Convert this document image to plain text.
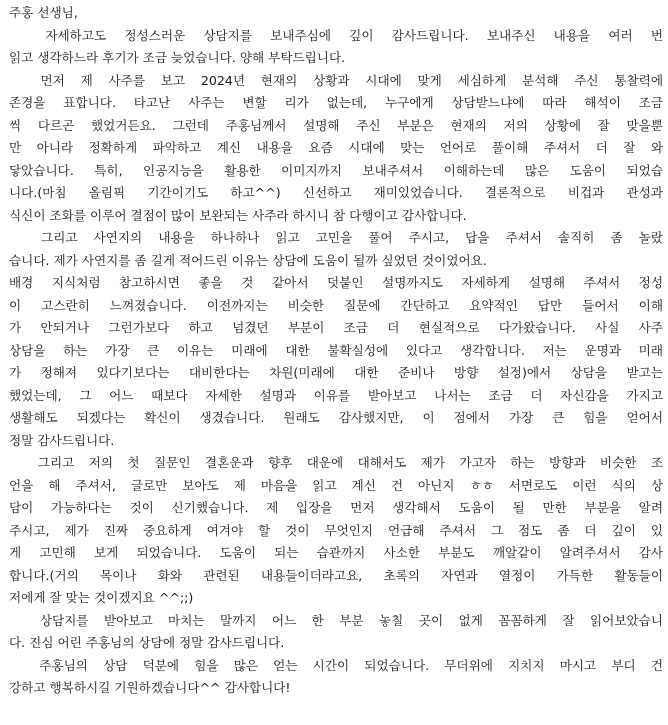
주홍 선생님,
자세하고도 정성스러운 상담지를 보내주심에 깊이 감사드립니다. 보내주신 내용을 여러 번
읽고 생각하느라 후기가 조금 늦었습니다. 양해 부탁드립니다.
먼저 제 사주를 보고 2024년 현재의 상황과 시대에 맞게 세심하게 분석해 주신 통찰력에
존경을 표합니다. 타고난 사주는 변할 리가 없는데, 누구에게 상담받느냐에 따라 해석이 조금
씩 다르곤 했었거든요. 그런데 주홍님께서 설명해 주신 부분은 현재의 저의 상황에 잘 맞을뿐
만 아니라 정확하게 파악하고 계신 내용을 요즘 시대에 맞는 언어로 풀이해 주셔서 더 잘 와
닿았습니다. 특히, 인공지능을 활용한 이미지까지 보내주셔서 이해하는데 많은 도움이 되었습
니다.(마침 올림픽 기간이기도 하고^^) 신선하고 재미있었습니다. 결론적으로 비겁과 관성과
식신이 조화를 이루어 결점이 많이 보완되는 사주라 하시니 참 다행이고 감사합니다.
그리고 사연지의 내용을 하나하나 읽고 고민을 풀어 주시고, 답을 주셔서 솔직히 좀 놀랐
습니다. 제가 사연지를 좀 길게 적어드린 이유는 상담에 도움이 될까 싶었던 것이었어요.
배경 지식처럼 참고하시면 좋을 것 같아서 덧붙인 설명까지도 자세하게 설명해 주셔서 정성
이 고스란히 느껴졌습니다. 이전까지는 비슷한 질문에 간단하고 요약적인 답만 들어서 이해
가 안되거나 그런가보다 하고 넘겼던 부분이 조금 더 현실적으로 다가왔습니다. 사실 사주
상담을 하는 가장 큰 이유는 미래에 대한 불확실성에 있다고 생각합니다. 저는 운명과 미래
가 정해져 있다기보다는 대비한다는 차원(미래에 대한 준비나 방향 설정)에서 상담을 받고는
했었는데, 그 어느 때보다 자세한 설명과 이유를 받아보고 나서는 조금 더 자신감을 가지고
생활해도 되겠다는 확신이 생겼습니다. 원래도 감사했지만, 이 점에서 가장 큰 힘을 얻어서
정말 감사드립니다.
그리고 저의 첫 질문인 결혼운과 향후 대운에 대해서도 제가 가고자 하는 방향과 비슷한 조
언을 해 주셔서, 글로만 보아도 제 마음을 읽고 계신 건 아닌지 ㅎㅎ 서면로도 이런 식의 상
담이 가능하다는 것이 신기했습니다. 제 입장을 먼저 생각해서 도움이 될 만한 부분을 알려
주시고, 제가 진짜 중요하게 여겨야 할 것이 무엇인지 언급해 주셔서 그 점도 좀 더 깊이 있
게 고민해 보게 되었습니다. 도움이 되는 습관까지 사소한 부분도 깨알같이 알려주셔서 감사
합니다.(거의 목이나 화와 관련된 내용들이더라고요, 초록의 자연과 열정이 가득한 활동들이
저에게 잘 맞는 것이겠지요 ^^;;)
상담지를 받아보고 마치는 말까지 어느 한 부분 놓칠 곳이 없게 꼼꼼하게 잘 읽어보았습니
다. 진심 어린 주홍님의 상담에 정말 감사드립니다.
주홍님의 상담 덕분에 힘을 많은 얻는 시간이 되었습니다. 무더위에 지치지 마시고 부디 건
강하고 행복하시길 기원하겠습니다^^ 감사합니다!
